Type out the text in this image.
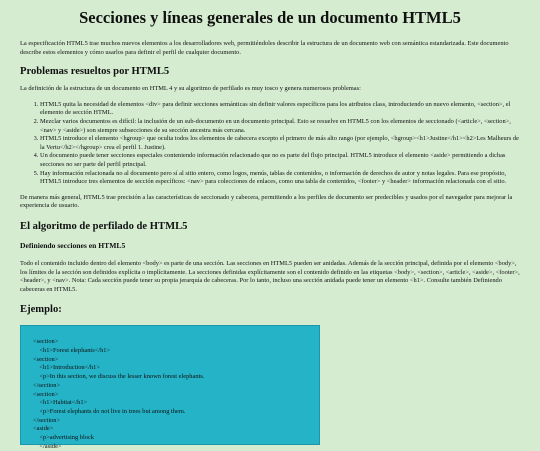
Secciones y líneas generales de un documento HTML5

La especificación HTML5 trae muchos nuevos elementos a los desarrolladores web, permitiéndoles describir la estructura de un documento web con semántica estandarizada. Este documento describe estos elementos y cómo usarlos para definir el perfil de cualquier documento.

Problemas resueltos por HTML5

La definición de la estructura de un documento en HTML 4 y su algoritmo de perfilado es muy tosco y genera numerosos problemas:

1. HTML5 quita la necesidad de elementos <div> para definir secciones semánticas sin definir valores específicos para los atributos class, introduciendo un nuevo elemento, <section>, el elemento de sección HTML.
2. Mezclar varios documentos es difícil: la inclusión de un sub-documento en un documento principal. Esto se resuelve en HTML5 con los elementos de seccionado (<article>, <section>, <nav> y <aside>) son siempre subsecciones de su sección ancestra más cercana.
3. HTML5 introduce el elemento <hgroup> que oculta todos los elementos de cabecera excepto el primero de más alto rango (por ejemplo, <hgroup><h1>Justine</h1><h2>Les Malheurs de la Vertu</h2></hgroup> crea el perfil 1. Justine).
4. Un documento puede tener secciones especiales conteniendo información relacionado que no es parte del flujo principal. HTML5 introduce el elemento <aside> permitiendo a dichas secciones no ser parte del perfil principal.
5. Hay información relacionada no al documento pero sí al sitio entero, como logos, menús, tablas de contenidos, o información de derechos de autor y notas legales. Para ese propósito, HTML5 introduce tres elementos de sección específicos: <nav> para colecciones de enlaces, como una tabla de contenidos, <footer> y <header> información relacionada con el sitio.

De manera más general, HTML5 trae precisión a las características de seccionado y cabecera, permitiendo a los perfiles de documento ser predecibles y usados por el navegador para mejorar la experiencia de usuario.

El algoritmo de perfilado de HTML5
Definiendo secciones en HTML5

Todo el contenido incluido dentro del elemento <body> es parte de una sección. Las secciones en HTML5 pueden ser anidadas. Además de la sección principal, definida por el elemento <body>, los límites de la sección son definidos explícita o implícitamente. La secciones definidas explícitamente son el contenido definido en las etiquetas <body>, <section>, <article>, <aside>, <footer>, <header>, y <nav>. Nota: Cada sección puede tener su propia jerarquía de cabeceras. Por lo tanto, incluso una sección anidada puede tener un elemento <h1>. Consulte también Definiendo cabeceras en HTML5.

Ejemplo:
<section>
<h1>Forest elephants</h1>
<section>
<h1>Introduction</h1>
<p>In this section, we discuss the lesser known forest elephants.
</section>
<section>
<h1>Habitat</h1>
<p>Forest elephants do not live in trees but among them.
</section>
<aside>
<p>advertising block
</aside>
